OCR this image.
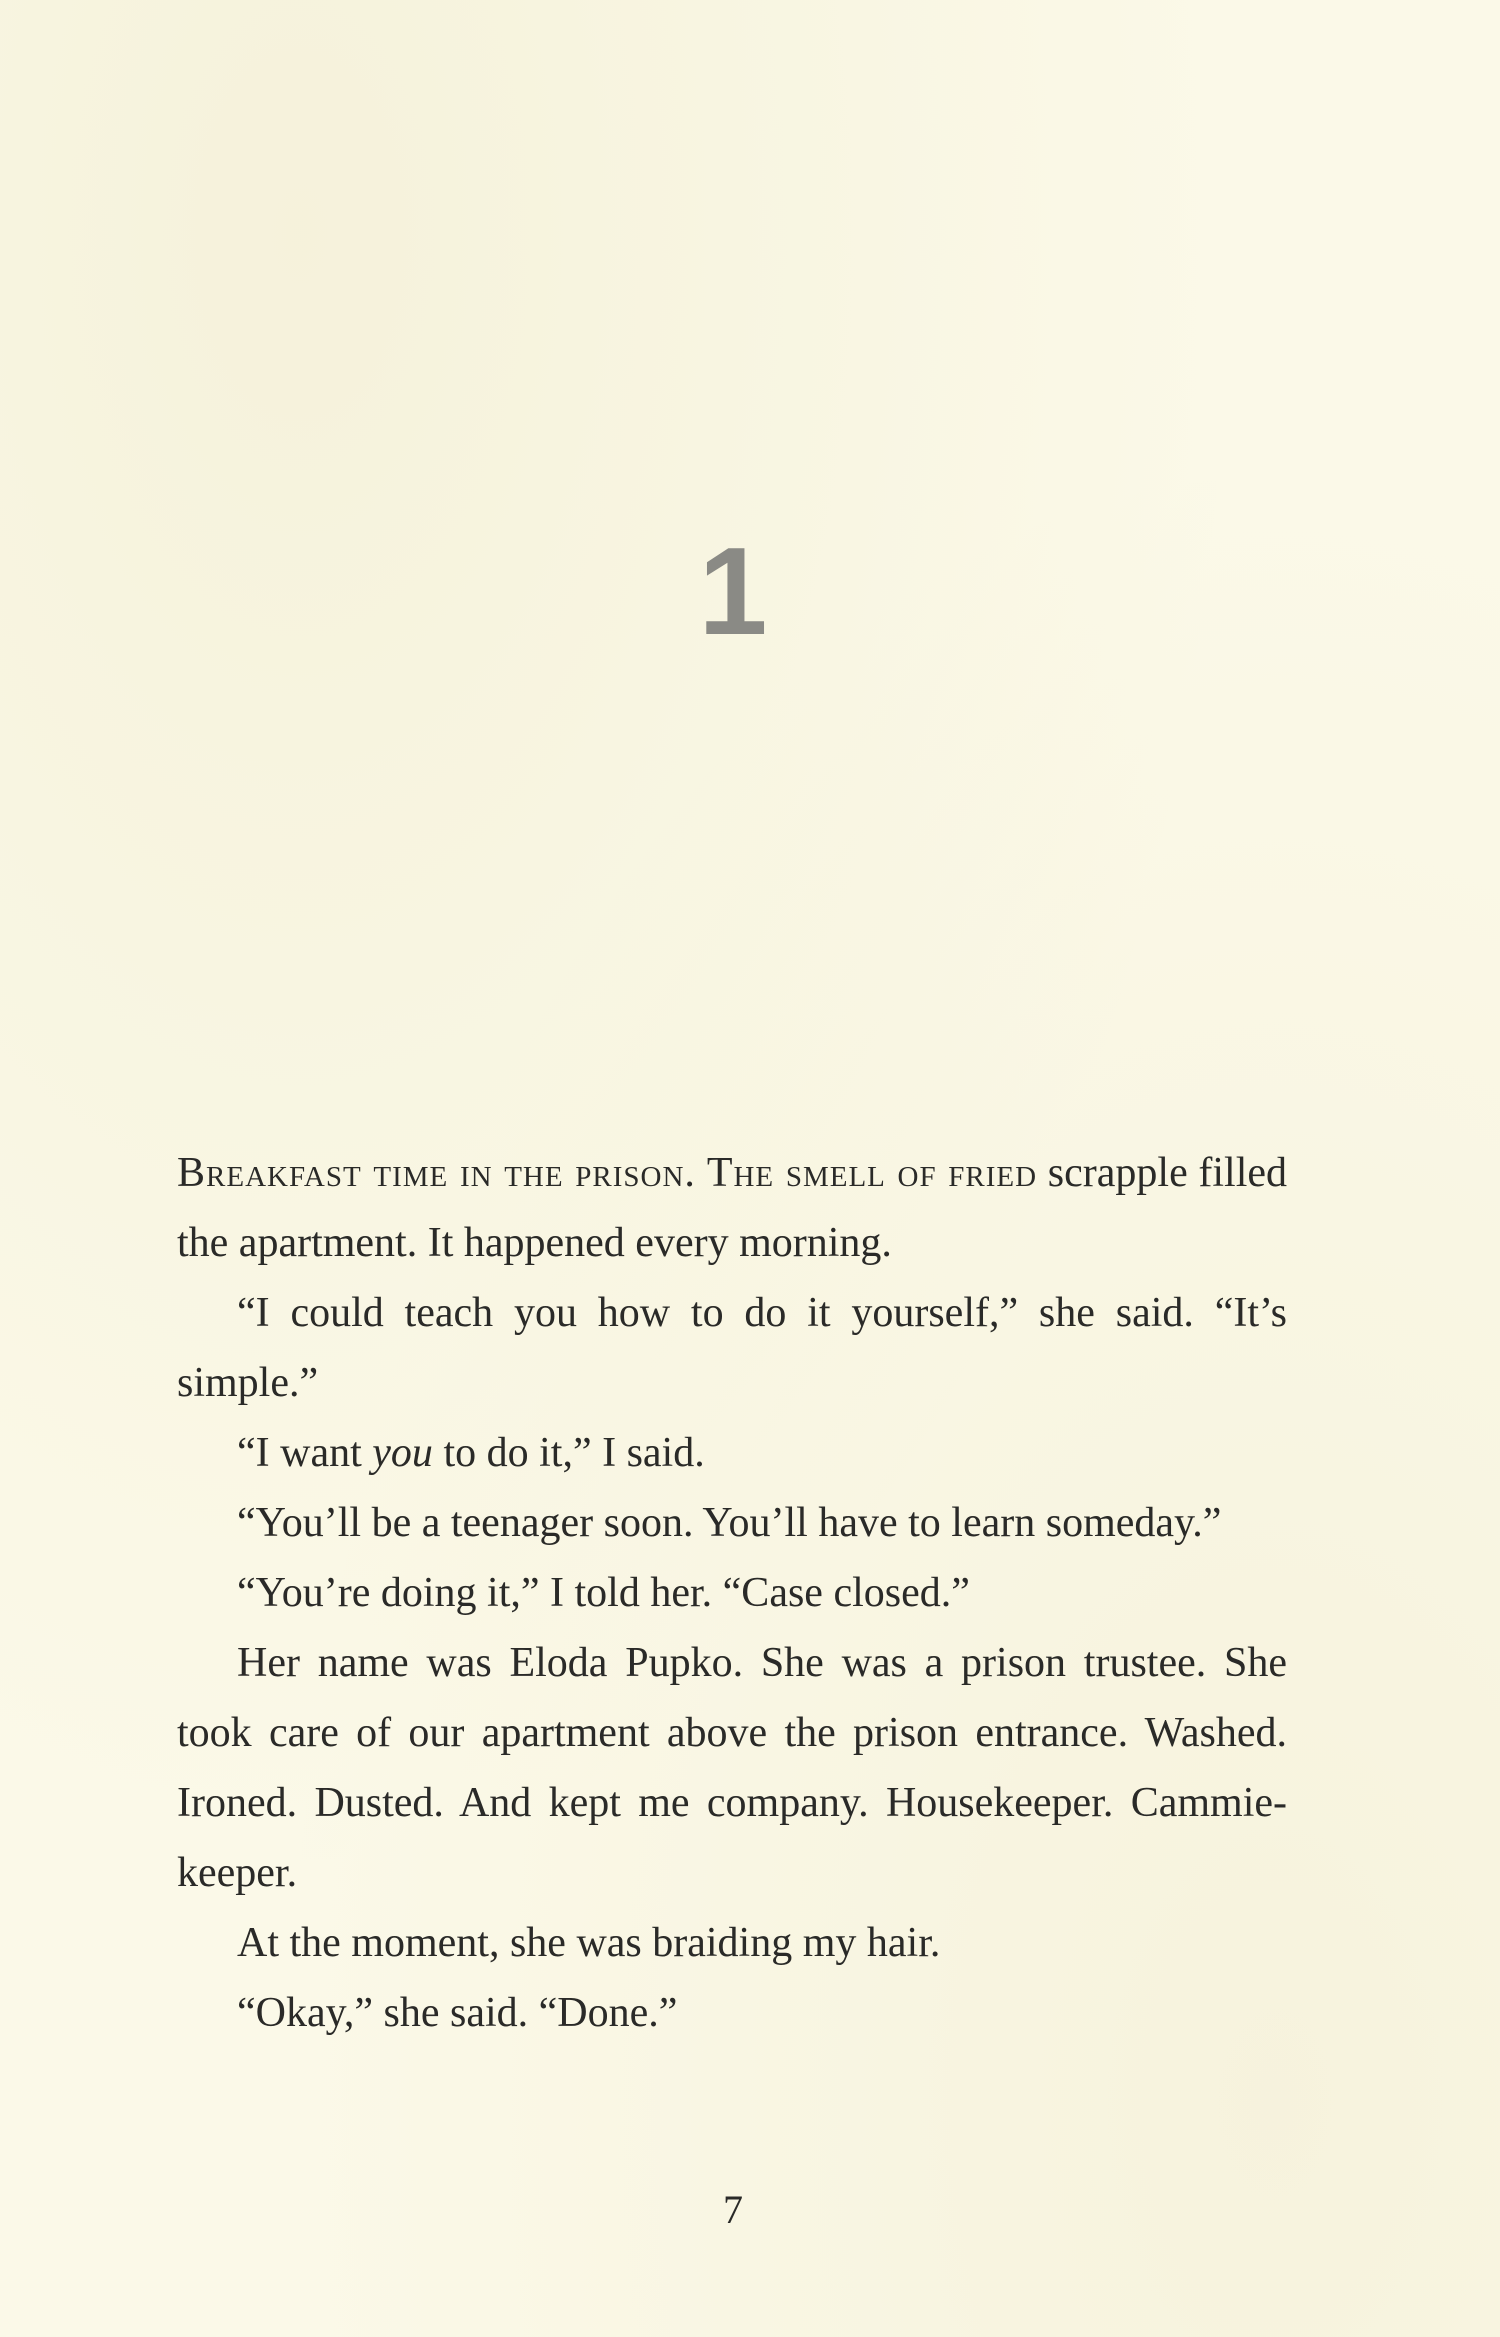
1

Breakfast time in the prison. The smell of fried scrapple filled the apartment. It happened every morning.

“I could teach you how to do it yourself,” she said. “It’s simple.”

“I want you to do it,” I said.

“You’ll be a teenager soon. You’ll have to learn someday.”

“You’re doing it,” I told her. “Case closed.”

Her name was Eloda Pupko. She was a prison trustee. She took care of our apartment above the prison entrance. Washed. Ironed. Dusted. And kept me company. Housekeeper. Cammie-keeper.

At the moment, she was braiding my hair.

“Okay,” she said. “Done.”

7
